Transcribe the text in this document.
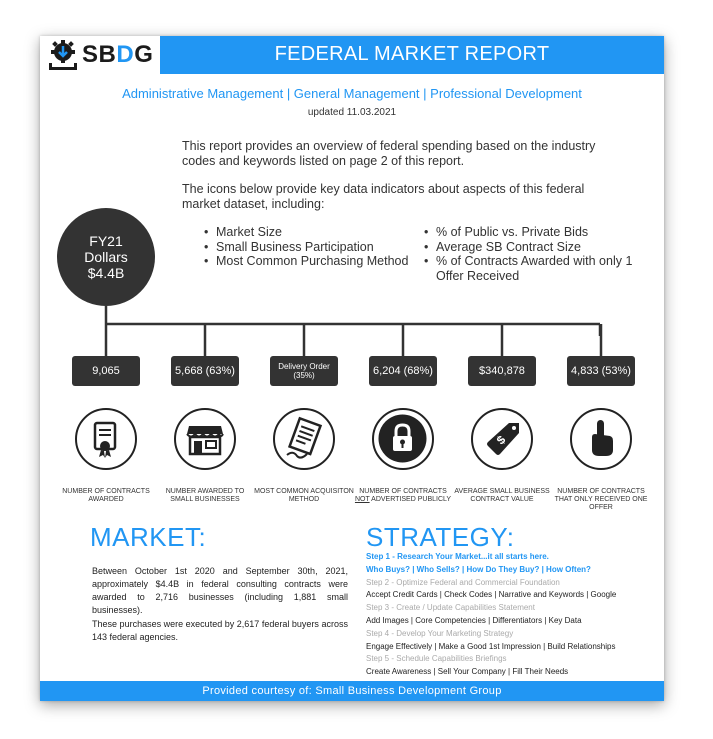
SBDG	FEDERAL MARKET REPORT
Administrative Management | General Management | Professional Development
updated 11.03.2021
This report provides an overview of federal spending based on the industry codes and keywords listed on page 2 of this report.
The icons below provide key data indicators about aspects of this federal market dataset, including:
• Market Size
• Small Business Participation
• Most Common Purchasing Method
• % of Public vs. Private Bids
• Average SB Contract Size
• % of Contracts Awarded with only 1 Offer Received
FY21
Dollars
$4.4B
9,065	5,668 (63%)	Delivery Order (35%)	6,204 (68%)	$340,878	4,833 (53%)
$
NUMBER OF CONTRACTS AWARDED
NUMBER AWARDED TO SMALL BUSINESSES
MOST COMMON ACQUISITON METHOD
NUMBER OF CONTRACTS NOT ADVERTISED PUBLICLY
AVERAGE SMALL BUSINESS CONTRACT VALUE
NUMBER OF CONTRACTS THAT ONLY RECEIVED ONE OFFER
MARKET:
Between October 1st 2020 and September 30th, 2021, approximately $4.4B in federal consulting contracts were awarded to 2,716 businesses (including 1,881 small businesses).
These purchases were executed by 2,617 federal buyers across 143 federal agencies.
STRATEGY:
Step 1 - Research Your Market...it all starts here.
Who Buys? | Who Sells? | How Do They Buy? | How Often?
Step 2 - Optimize Federal and Commercial Foundation
Accept Credit Cards | Check Codes | Narrative and Keywords | Google
Step 3 - Create / Update Capabilities Statement
Add Images | Core Competencies | Differentiators | Key Data
Step 4 - Develop Your Marketing Strategy
Engage Effectively | Make a Good 1st Impression | Build Relationships
Step 5 - Schedule Capabilities Briefings
Create Awareness | Sell Your Company | Fill Their Needs
Provided courtesy of: Small Business Development Group
